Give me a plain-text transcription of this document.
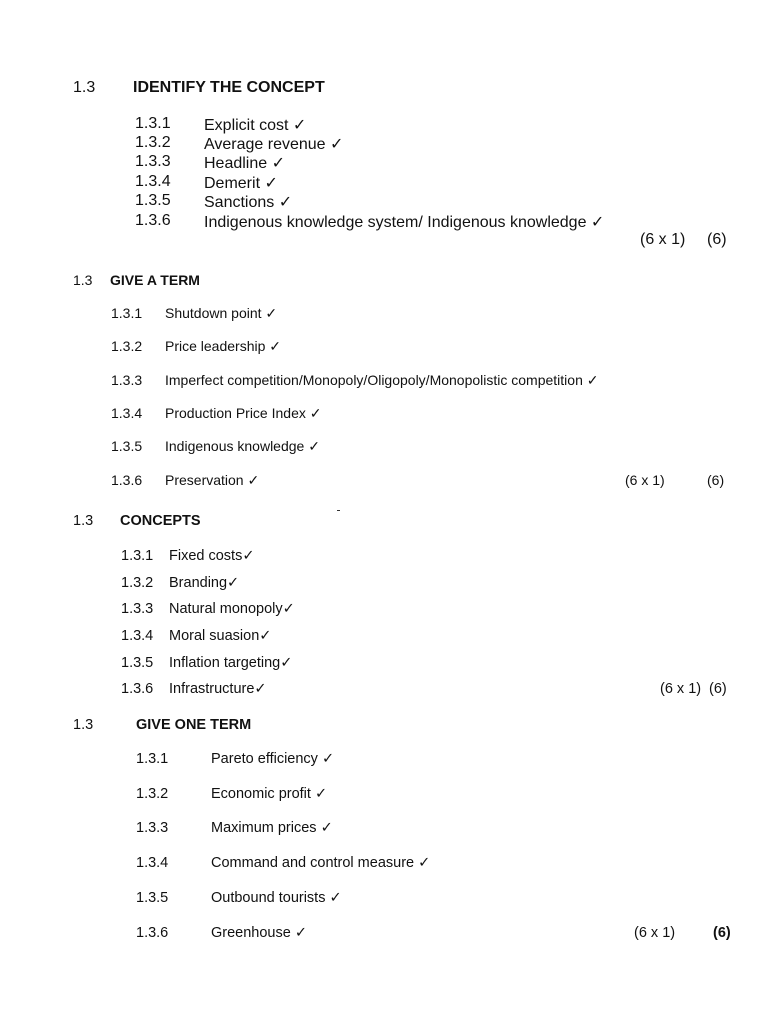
1.3 IDENTIFY THE CONCEPT
1.3.1 Explicit cost ✓
1.3.2 Average revenue ✓
1.3.3 Headline ✓
1.3.4 Demerit ✓
1.3.5 Sanctions ✓
1.3.6 Indigenous knowledge system/ Indigenous knowledge ✓
(6 x 1) (6)
1.3 GIVE A TERM
1.3.1 Shutdown point ✓
1.3.2 Price leadership ✓
1.3.3 Imperfect competition/Monopoly/Oligopoly/Monopolistic competition ✓
1.3.4 Production Price Index ✓
1.3.5 Indigenous knowledge ✓
1.3.6 Preservation ✓	(6 x 1)	(6)
1.3 CONCEPTS
1.3.1 Fixed costs✓
1.3.2 Branding✓
1.3.3 Natural monopoly✓
1.3.4 Moral suasion✓
1.3.5 Inflation targeting✓
1.3.6 Infrastructure✓	(6 x 1) (6)
1.3	GIVE ONE TERM
1.3.1	Pareto efficiency ✓
1.3.2	Economic profit ✓
1.3.3	Maximum prices ✓
1.3.4	Command and control measure ✓
1.3.5	Outbound tourists ✓
1.3.6	Greenhouse ✓	(6 x 1)	(6)
